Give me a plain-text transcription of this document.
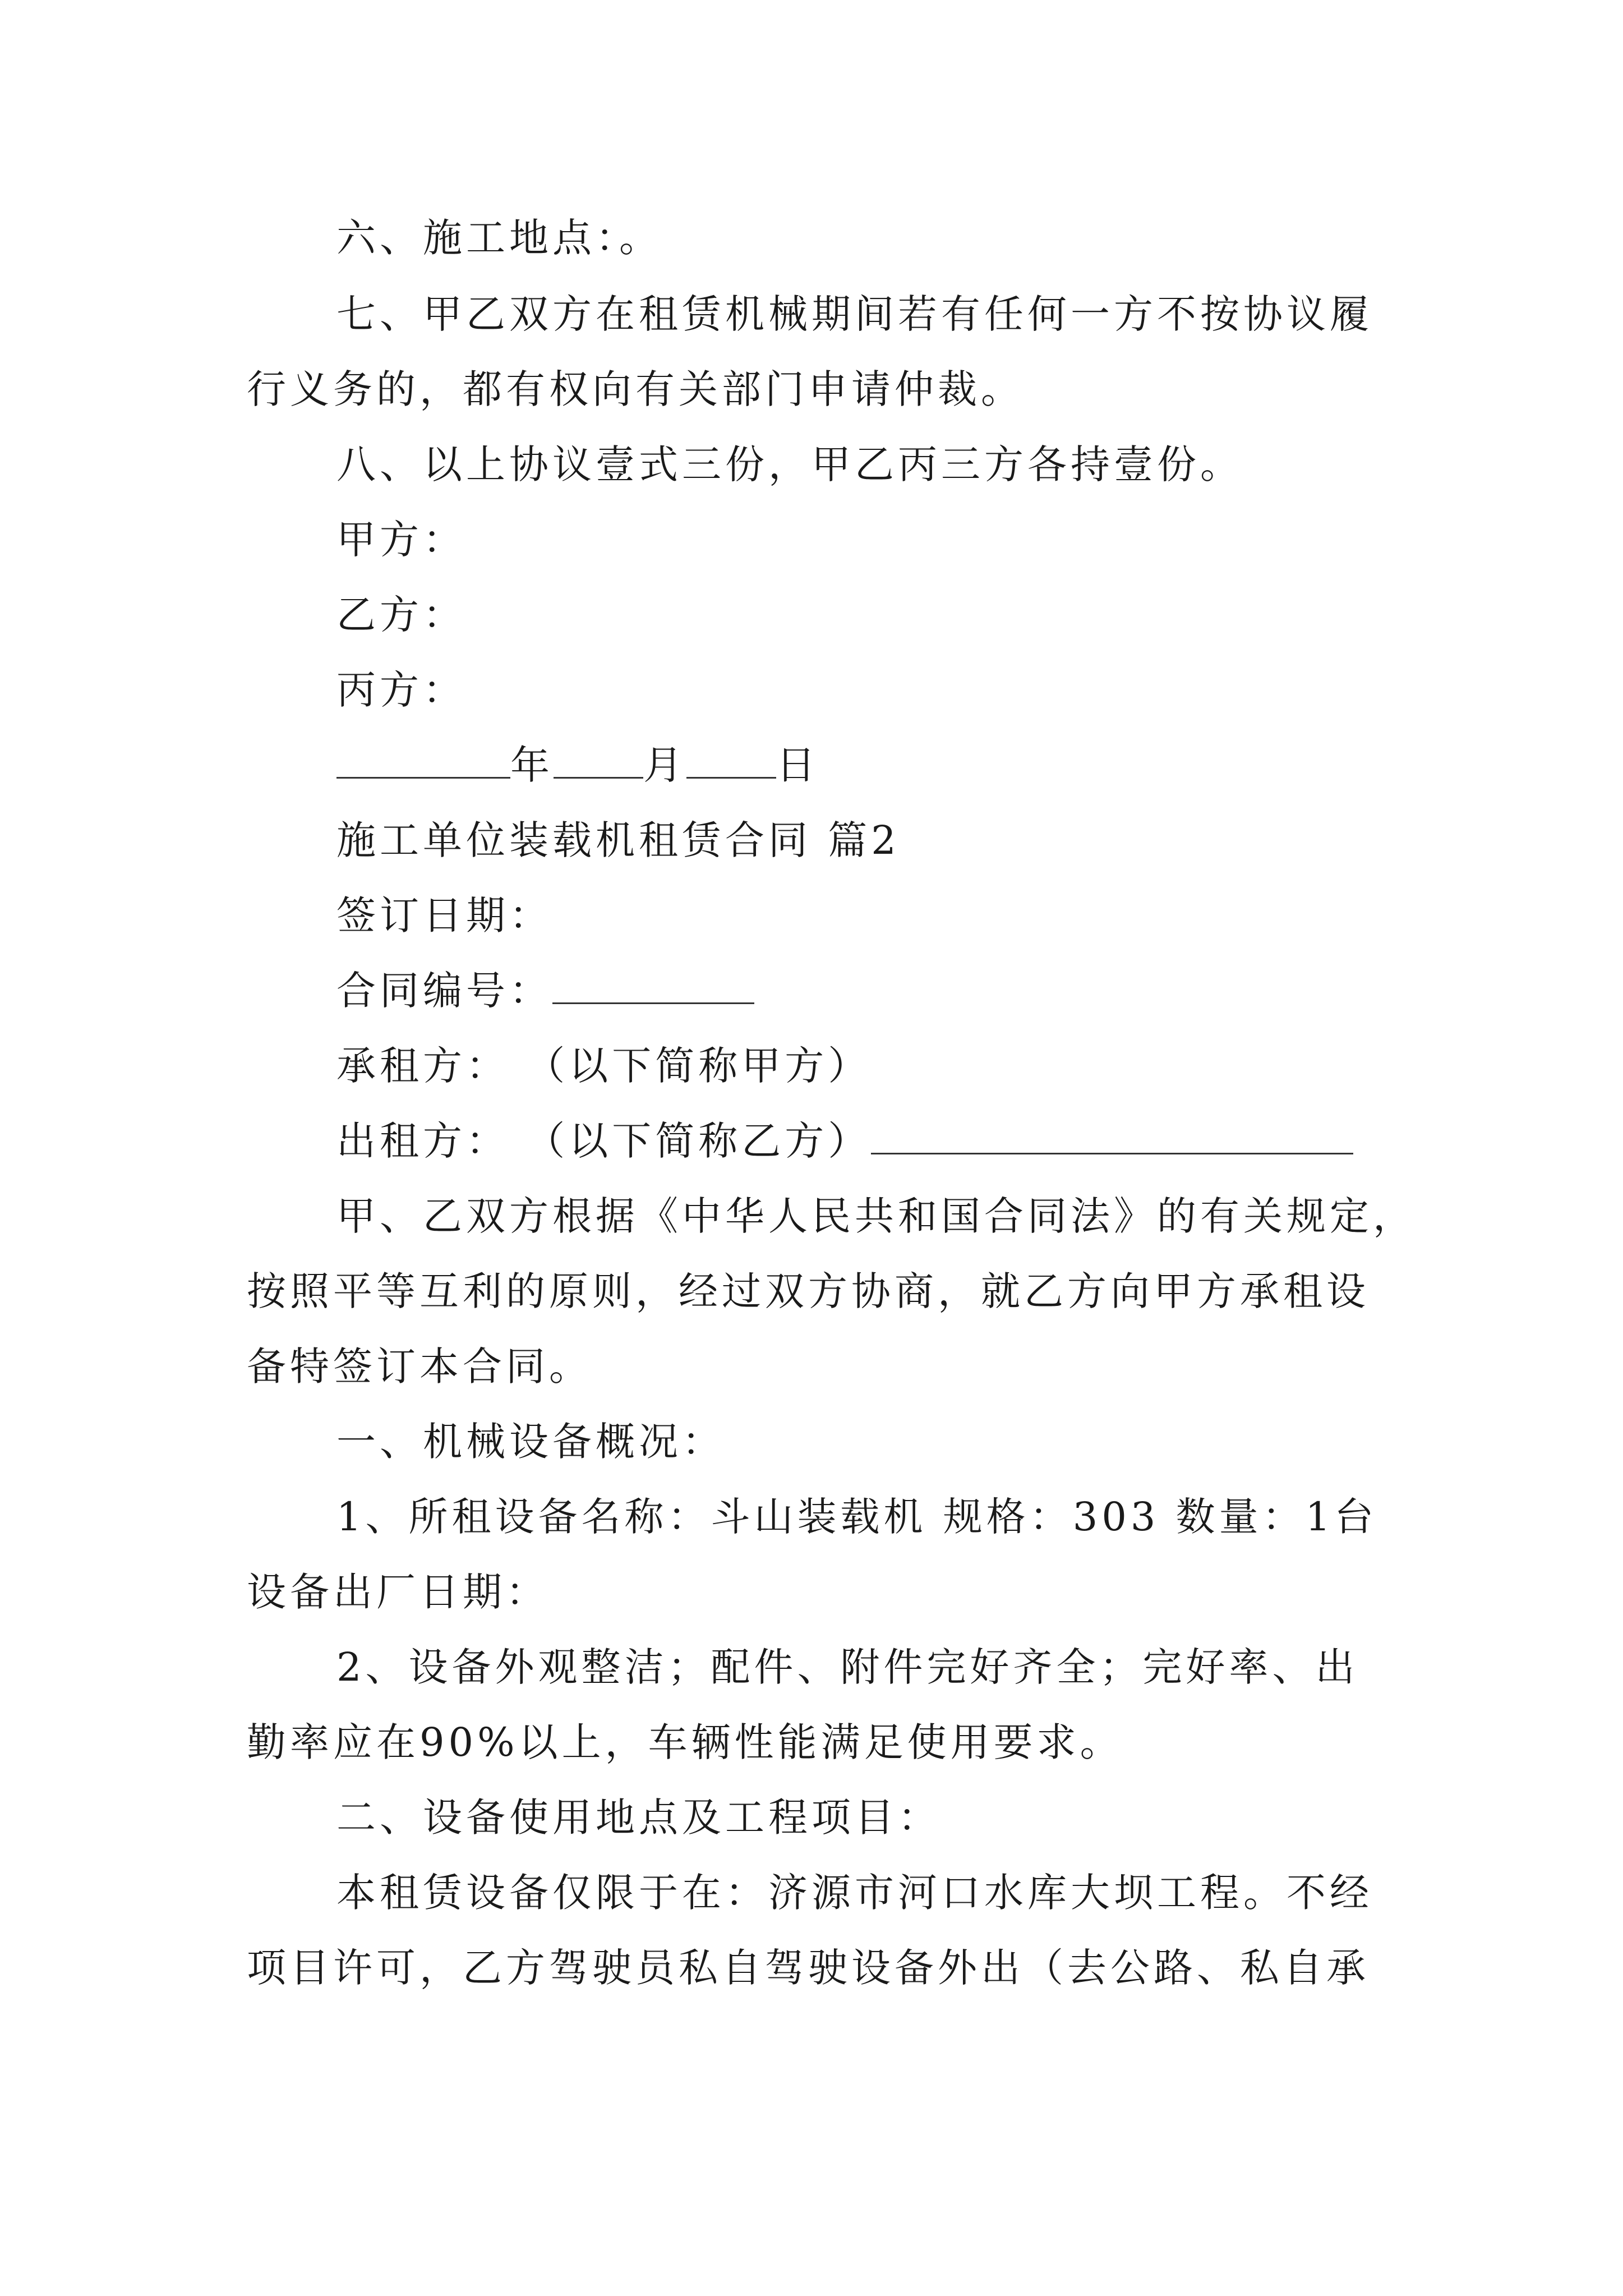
六、施工地点：。
七、甲乙双方在租赁机械期间若有任何一方不按协议履
行义务的，都有权向有关部门申请仲裁。
八、以上协议壹式三份，甲乙丙三方各持壹份。
甲方：
乙方：
丙方：
年 月 日
施工单位装载机租赁合同 篇2
签订日期：
合同编号：
承租方： （以下简称甲方）
出租方： （以下简称乙方）
甲、乙双方根据《中华人民共和国合同法》的有关规定，
按照平等互利的原则，经过双方协商，就乙方向甲方承租设
备特签订本合同。
一、机械设备概况：
1、所租设备名称：斗山装载机 规格：303 数量：1台
设备出厂日期：
2、设备外观整洁；配件、附件完好齐全；完好率、出
勤率应在90%以上，车辆性能满足使用要求。
二、设备使用地点及工程项目：
本租赁设备仅限于在：济源市河口水库大坝工程。不经
项目许可，乙方驾驶员私自驾驶设备外出（去公路、私自承
